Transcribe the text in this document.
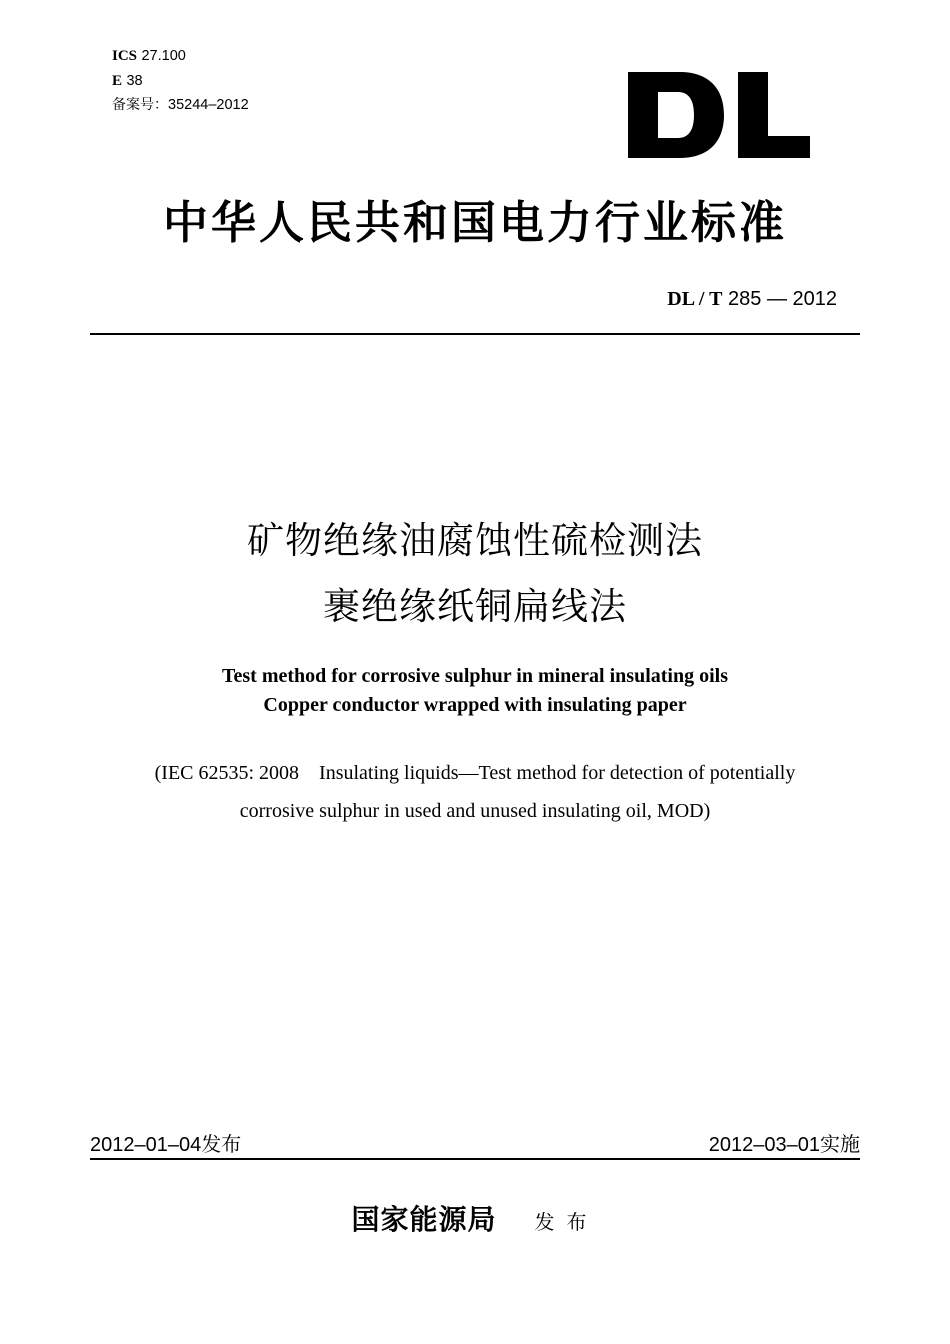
ICS 27.100
E 38
备案号：35244–2012
中华人民共和国电力行业标准
DL / T 285 — 2012
矿物绝缘油腐蚀性硫检测法
裹绝缘纸铜扁线法
Test method for corrosive sulphur in mineral insulating oils
Copper conductor wrapped with insulating paper
(IEC 62535: 2008    Insulating liquids—Test method for detection of potentially
corrosive sulphur in used and unused insulating oil, MOD)
2012–01–04发布	2012–03–01实施
国家能源局 发布
